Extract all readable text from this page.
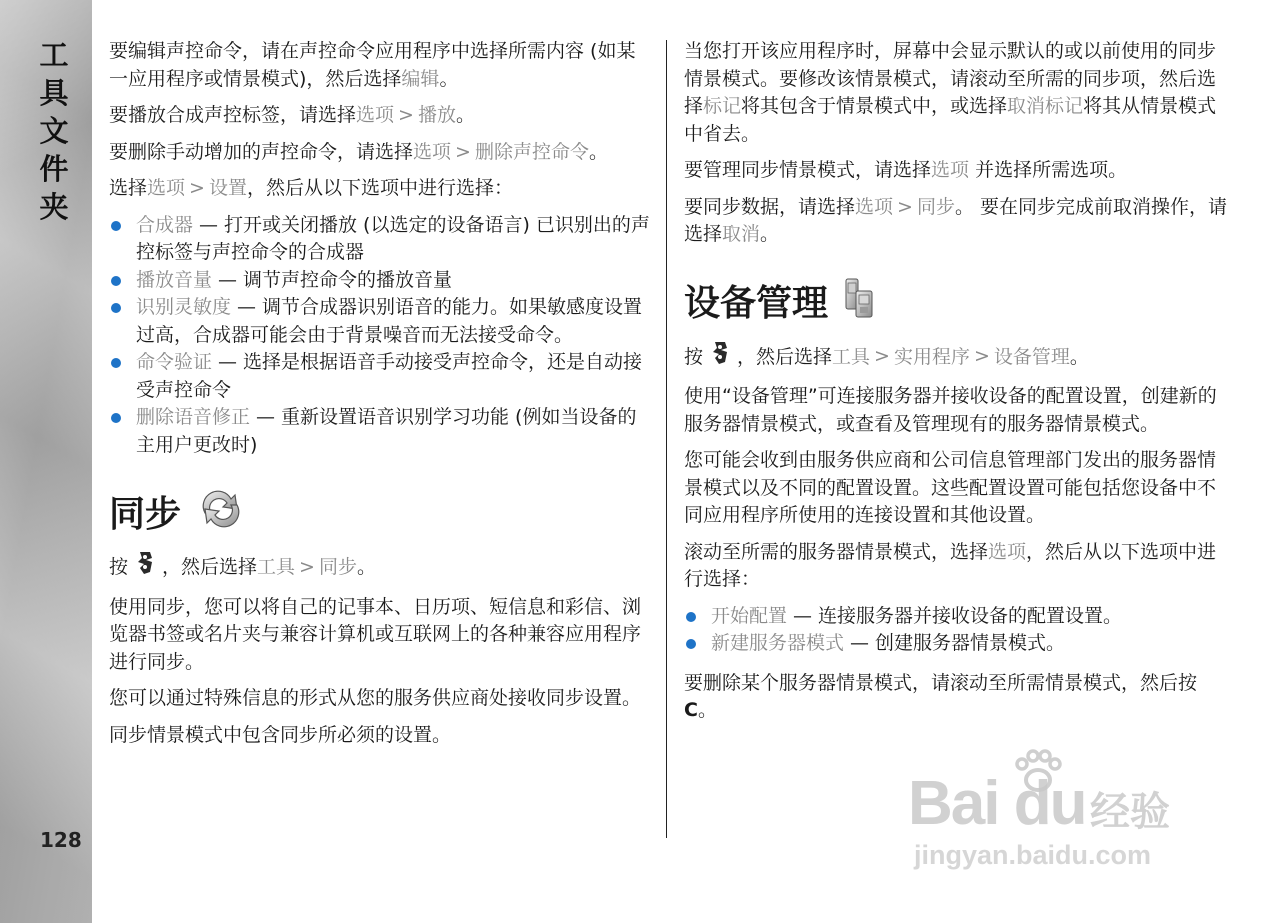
工具文件夹
128

要编辑声控命令，请在声控命令应用程序中选择所需内容 (如某一应用程序或情景模式)，然后选择编辑。

要播放合成声控标签，请选择选项 > 播放。

要删除手动增加的声控命令，请选择选项 > 删除声控命令。

选择选项 > 设置，然后从以下选项中进行选择：

合成器 — 打开或关闭播放 (以选定的设备语言) 已识别出的声控标签与声控命令的合成器
播放音量 — 调节声控命令的播放音量
识别灵敏度 — 调节合成器识别语音的能力。如果敏感度设置过高，合成器可能会由于背景噪音而无法接受命令。
命令验证 — 选择是根据语音手动接受声控命令，还是自动接受声控命令
删除语音修正 — 重新设置语音识别学习功能 (例如当设备的主用户更改时)
同步

按 ，然后选择工具 > 同步。

使用同步，您可以将自己的记事本、日历项、短信息和彩信、浏览器书签或名片夹与兼容计算机或互联网上的各种兼容应用程序进行同步。

您可以通过特殊信息的形式从您的服务供应商处接收同步设置。

同步情景模式中包含同步所必须的设置。

当您打开该应用程序时，屏幕中会显示默认的或以前使用的同步情景模式。要修改该情景模式，请滚动至所需的同步项，然后选择标记将其包含于情景模式中，或选择取消标记将其从情景模式中省去。

要管理同步情景模式，请选择选项 并选择所需选项。

要同步数据，请选择选项 > 同步。 要在同步完成前取消操作，请选择取消。

设备管理

按 ，然后选择工具 > 实用程序 > 设备管理。

使用“设备管理”可连接服务器并接收设备的配置设置，创建新的服务器情景模式，或查看及管理现有的服务器情景模式。

您可能会收到由服务供应商和公司信息管理部门发出的服务器情景模式以及不同的配置设置。这些配置设置可能包括您设备中不同应用程序所使用的连接设置和其他设置。

滚动至所需的服务器情景模式，选择选项，然后从以下选项中进行选择：

开始配置 — 连接服务器并接收设备的配置设置。
新建服务器模式 — 创建服务器情景模式。

要删除某个服务器情景模式，请滚动至所需情景模式，然后按C。

Bai du 经验
jingyan.baidu.com
